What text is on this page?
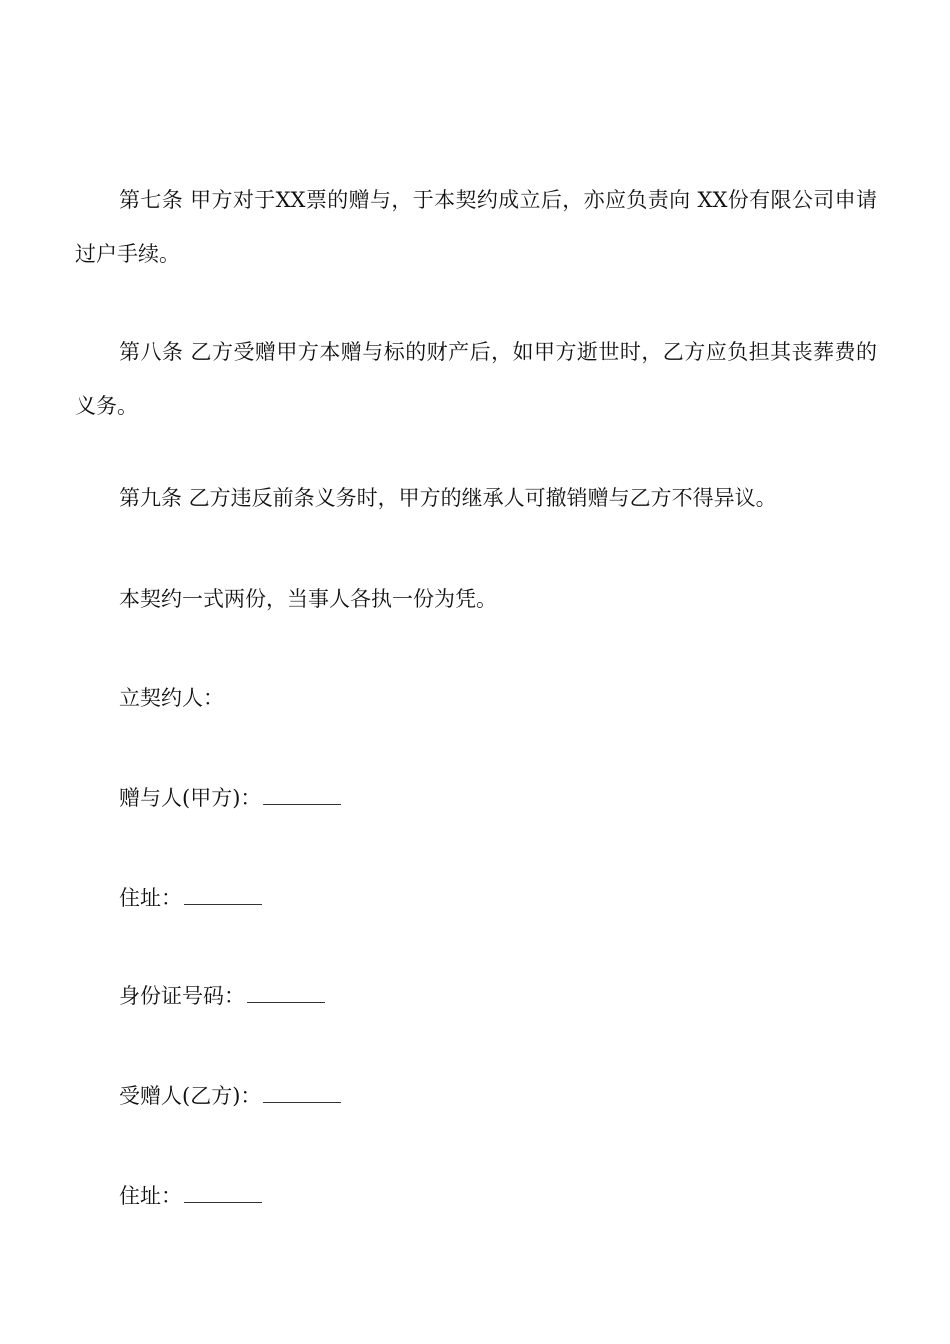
第七条 甲方对于XX票的赠与，于本契约成立后，亦应负责向 XX份有限公司申请过户手续。

第八条 乙方受赠甲方本赠与标的财产后，如甲方逝世时，乙方应负担其丧葬费的义务。

第九条 乙方违反前条义务时，甲方的继承人可撤销赠与乙方不得异议。

本契约一式两份，当事人各执一份为凭。

立契约人：

赠与人(甲方)：

住址：

身份证号码：

受赠人(乙方)：

住址：
